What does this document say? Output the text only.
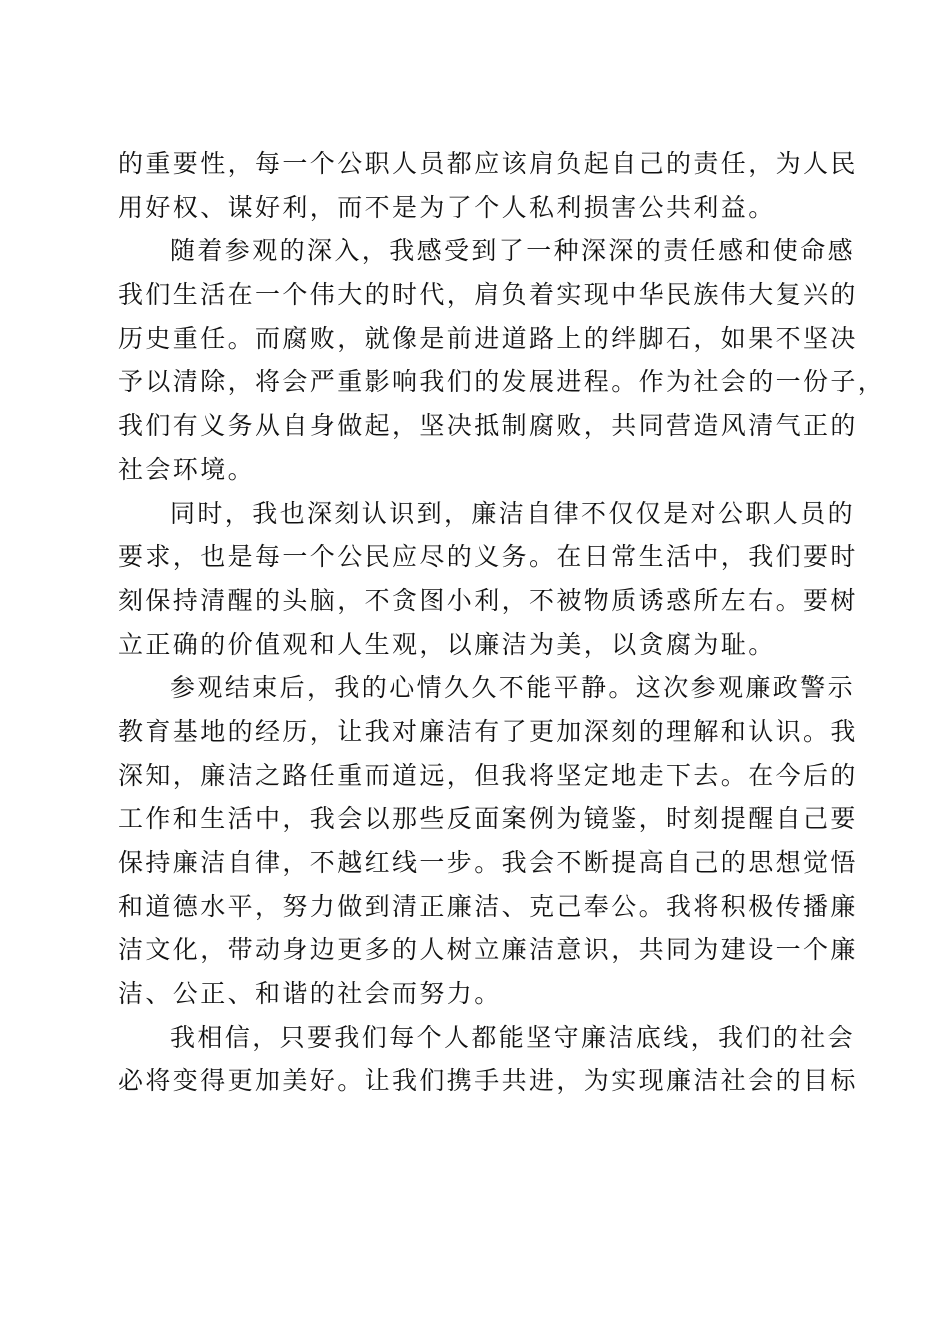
的重要性，每一个公职人员都应该肩负起自己的责任，为人民
用好权、谋好利，而不是为了个人私利损害公共利益。
随着参观的深入，我感受到了一种深深的责任感和使命感
我们生活在一个伟大的时代，肩负着实现中华民族伟大复兴的
历史重任。而腐败，就像是前进道路上的绊脚石，如果不坚决
予以清除，将会严重影响我们的发展进程。作为社会的一份子，
我们有义务从自身做起，坚决抵制腐败，共同营造风清气正的
社会环境。
同时，我也深刻认识到，廉洁自律不仅仅是对公职人员的
要求，也是每一个公民应尽的义务。在日常生活中，我们要时
刻保持清醒的头脑，不贪图小利，不被物质诱惑所左右。要树
立正确的价值观和人生观，以廉洁为美，以贪腐为耻。
参观结束后，我的心情久久不能平静。这次参观廉政警示
教育基地的经历，让我对廉洁有了更加深刻的理解和认识。我
深知，廉洁之路任重而道远，但我将坚定地走下去。在今后的
工作和生活中，我会以那些反面案例为镜鉴，时刻提醒自己要
保持廉洁自律，不越红线一步。我会不断提高自己的思想觉悟
和道德水平，努力做到清正廉洁、克己奉公。我将积极传播廉
洁文化，带动身边更多的人树立廉洁意识，共同为建设一个廉
洁、公正、和谐的社会而努力。
我相信，只要我们每个人都能坚守廉洁底线，我们的社会
必将变得更加美好。让我们携手共进，为实现廉洁社会的目标
